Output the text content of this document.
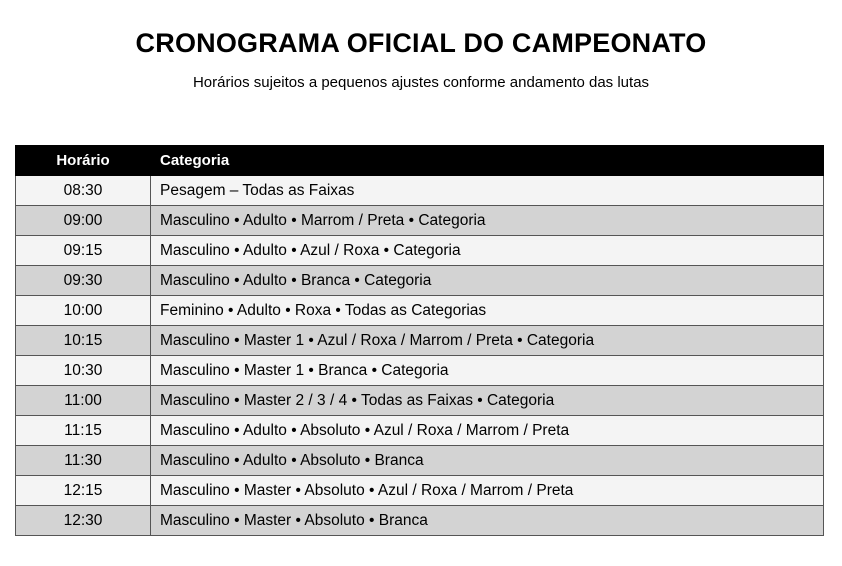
CRONOGRAMA OFICIAL DO CAMPEONATO
Horários sujeitos a pequenos ajustes conforme andamento das lutas
Horário	Categoria
08:30	Pesagem – Todas as Faixas
09:00	Masculino • Adulto • Marrom / Preta • Categoria
09:15	Masculino • Adulto • Azul / Roxa • Categoria
09:30	Masculino • Adulto • Branca • Categoria
10:00	Feminino • Adulto • Roxa • Todas as Categorias
10:15	Masculino • Master 1 • Azul / Roxa / Marrom / Preta • Categoria
10:30	Masculino • Master 1 • Branca • Categoria
11:00	Masculino • Master 2 / 3 / 4 • Todas as Faixas • Categoria
11:15	Masculino • Adulto • Absoluto • Azul / Roxa / Marrom / Preta
11:30	Masculino • Adulto • Absoluto • Branca
12:15	Masculino • Master • Absoluto • Azul / Roxa / Marrom / Preta
12:30	Masculino • Master • Absoluto • Branca
